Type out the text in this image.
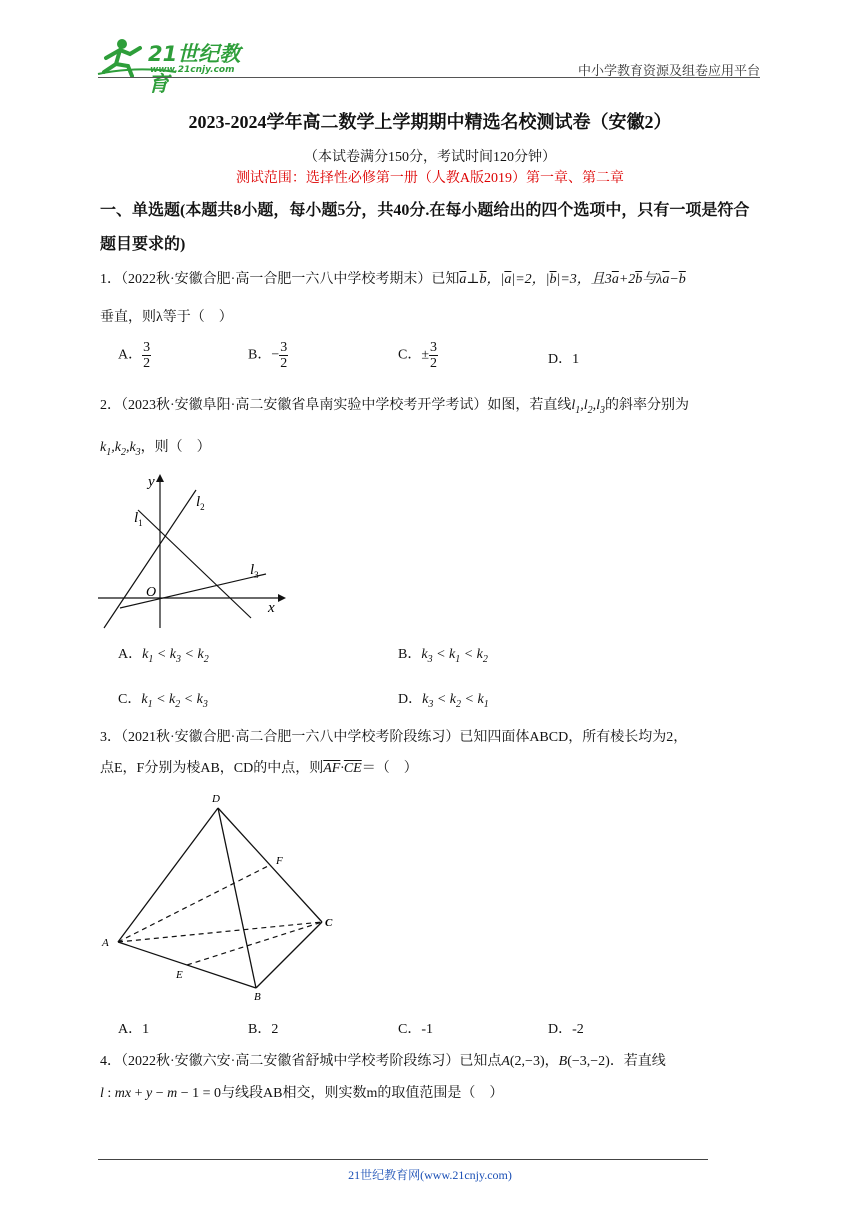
21世纪教育
www.21cnjy.com	中小学教育资源及组卷应用平台
2023-2024学年高二数学上学期期中精选名校测试卷（安徽2）
（本试卷满分150分，考试时间120分钟）
测试范围：选择性必修第一册（人教A版2019）第一章、第二章
一、单选题(本题共8小题，每小题5分，共40分.在每小题给出的四个选项中，只有一项是符合题目要求的)
1．（2022秋·安徽合肥·高一合肥一六八中学校考期末）已知$\overline{a}\perp\overline{b}$，$|\overline{a}|=2$，$|\overline{b}|=3$，且$3\overline{a}+2\overline{b}$与$\lambda\overline{a}-\overline{b}$
垂直，则λ等于（　）
A． $\frac{3}{2}$	B．− $\frac{3}{2}$	C．± $\frac{3}{2}$	D．1
2．（2023秋·安徽阜阳·高二安徽省阜南实验中学校考开学考试）如图，若直线$l_1,l_2,l_3$的斜率分别为
$k_1,k_2,k_3$，则（　）
y
x
O
$l_1$
$l_2$
$l_3$
A．$k_1 < k_3 < k_2$	B．$k_3 < k_1 < k_2$
C．$k_1 < k_2 < k_3$	D．$k_3 < k_2 < k_1$
3．（2021秋·安徽合肥·高二合肥一六八中学校考阶段练习）已知四面体ABCD，所有棱长均为2，
点E，F分别为棱AB，CD的中点，则$\overline{AF}\cdot\overline{CE}=$（　）
D
A
C
B
E
F
A．1	B．2	C．-1	D．-2
4．（2022秋·安徽六安·高二安徽省舒城中学校考阶段练习）已知点A(2,−3)，B(−3,−2)．若直线
l : mx + y − m − 1 = 0与线段AB相交，则实数m的取值范围是（　）
21世纪教育网(www.21cnjy.com)
